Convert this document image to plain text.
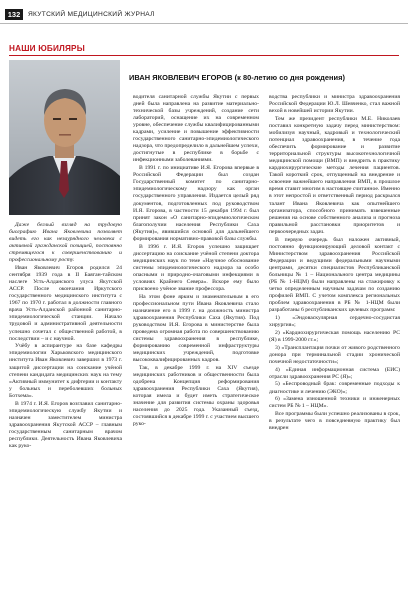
132	ЯКУТСКИЙ МЕДИЦИНСКИЙ ЖУРНАЛ
НАШИ ЮБИЛЯРЫ
ИВАН ЯКОВЛЕВИЧ ЕГОРОВ (к 80-летию со дня рождения)

Даже беглый взгляд на трудовую биографию Ивана Яковлевича позволяет видеть его как незаурядного человека с активной гражданской позицией, постоянно стремящегося к совершенствованию и профессиональному росту.

Иван Яковлевич Егоров родился 24 сентября 1939 года в II Баяган-тайском наслеге Усть-Алданского улуса Якутской АССР. После окончания Иркутского государственного медицинского института с 1967 по 1970 г. работал в должности главного врача Усть-Алданской районной санитарно-эпидемиологической станции. Начало трудовой и административной деятельности успешно сочетал с общественной работой, в последствии – и с научной.

Учёбу в аспирантуре на базе кафедры эпидемиологии Харьковского медицинского института Иван Яковлевич завершил в 1973 г. защитой диссертации на соискание учёной степени кандидата медицинских наук на тему «Активный иммунитет к дифтерии и контакту у больных и переболевших больных Ботхема».

В 1974 г. И.Я. Егоров возглавил санитарно-эпидемиологическую службу Якутии и назначен заместителем министра здравоохранения Якутской АССР – главным государственным санитарным врачом республики. Деятельность Ивана Яковлевича как руко-

водителя санитарной службы Якутии с первых дней была направлена на развитие материально-технической базы учреждений, создание сети лабораторий, оснащение их на современном уровне, обеспечение службы квалифицированными кадрами, усиление и повышение эффективности государственного санитарно-эпидемиологического надзора, что предопределило в дальнейшем успехи, достигнутые в республике в борьбе с инфекционными заболеваниями.

В 1991 г. по инициативе И.Я. Егорова впервые в Российской Федерации был создан Государственный комитет по санитарно-эпидемиологическому надзору как орган государственного управления. Издается целый ряд документов, подготовленных под руководством И.Я. Егорова, в частности 15 декабря 1994 г. был принят закон «О санитарно-эпидемиологическом благополучии населения Республики Саха (Якутия)», явившийся основой для дальнейшего формирования нормативно-правовой базы службы.

В 1996 г. И.Я. Егоров успешно защищает диссертацию на соискание учёной степени доктора медицинских наук по теме «Научное обоснование системы эпидемиологического надзора за особо опасными и природно-очаговыми инфекциями в условиях Крайнего Севера». Вскоре ему было присвоено учёное звание профессора.

На этом фоне ярким и знаменательным в его профессиональном пути Ивана Яковлевича стало назначение его в 1999 г. на должность министра здравоохранения Республики Саха (Якутия). Под руководством И.Я. Егорова в министерстве была проведена огромная работа по совершенствованию системы здравоохранения в республике, формированию современной инфраструктуры медицинских учреждений, подготовке высококвалифицированных кадров.

Так, в декабре 1999 г. на XIV съезде медицинских работников и общественности была одобрена Концепция реформирования здравоохранения Республики Саха (Якутия), которая имела и будет иметь стратегическое значение для развития системы охраны здоровья населения до 2025 года. Указанный съезд, состоявшийся в декабре 1999 г. с участием высшего руко-

водства республики и министра здравоохранения Российской Федерации Ю.Л. Шевченко, стал важной вехой в новейшей истории Якутии.

Тем же президент республики М.Е. Николаев поставил конкретную задачу перед министерством: мобилизуя научный, кадровый и технологический потенциал здравоохранения, в течение года обеспечить формирование и развитие территориальной структуры высокотехнологичной медицинской помощи (ВМП) и внедрить в практику кардиохирургические методы лечения пациентов. Такой короткий срок, отпущенный на внедрение и освоение важнейшего направления ВМП, в прошлое время ставит многим в настоящее считанное. Именно в этот непростой и ответственный период раскрылся талант Ивана Яковлевича как опытнейшего организатора, способного принимать взвешенные решения на основе собственного анализа и прогноза правильной расстановки приоритетов и первоочередных задач.

В первую очередь был наложен активный, постоянно функционирующий деловой контакт с Министерством здравоохранения Российской Федерации и ведущими федеральными научными центрами, десятки специалистов Республиканской больницы № 1 – Национального центра медицины (РБ № 1-НЦМ) были направлены на стажировку к четко определенным научным задачам по созданию профилей ВМП. С учетом комплекса региональных проблем здравоохранения в РБ № 1-НЦМ были разработаны 6 республиканских целевых программ:

1) «Эндоваскулярная сердечно-сосудистая хирургия»;

2) «Кардиохирургическая помощь населению РС (Я) в 1999-2000 гг.»;

3) «Трансплантация почки от живого родственного донора при терминальной стадии хронической почечной недостаточности»;

4) «Единая информационная система (ЕИС) отрасли здравоохранения РС (Я)»;

5) «Беспроводный брак: современные подходы к диагностике и лечению (ЭКО)»;

6) «Замена изношенной техники и инженерных систем РБ № 1 – НЦМ».

Все программы были успешно реализованы в срок, в результате чего в повседневную практику был внедрен
